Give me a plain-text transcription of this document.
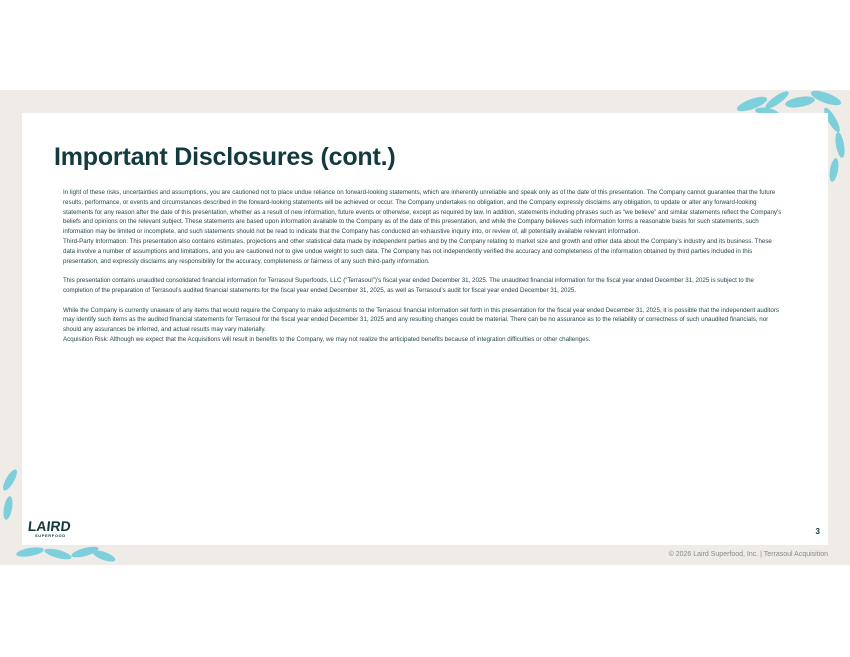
Important Disclosures (cont.)

In light of these risks, uncertainties and assumptions, you are cautioned not to place undue reliance on forward-looking statements, which are inherently unreliable and speak only as of the date of this presentation. The Company cannot guarantee that the future results, performance, or events and circumstances described in the forward-looking statements will be achieved or occur. The Company undertakes no obligation, and the Company expressly disclaims any obligation, to update or alter any forward-looking statements for any reason after the date of this presentation, whether as a result of new information, future events or otherwise, except as required by law. In addition, statements including phrases such as “we believe” and similar statements reflect the Company’s beliefs and opinions on the relevant subject. These statements are based upon information available to the Company as of the date of this presentation, and while the Company believes such information forms a reasonable basis for such statements, such information may be limited or incomplete, and such statements should not be read to indicate that the Company has conducted an exhaustive inquiry into, or review of, all potentially available relevant information.

Third-Party Information: This presentation also contains estimates, projections and other statistical data made by independent parties and by the Company relating to market size and growth and other data about the Company’s industry and its business. These data involve a number of assumptions and limitations, and you are cautioned not to give undue weight to such data. The Company has not independently verified the accuracy and completeness of the information obtained by third parties included in this presentation, and expressly disclaims any responsibility for the accuracy, completeness or fairness of any such third-party information.

This presentation contains unaudited consolidated financial information for Terrasoul Superfoods, LLC (“Terrasoul”)’s fiscal year ended December 31, 2025. The unaudited financial information for the fiscal year ended December 31, 2025 is subject to the completion of the preparation of Terrasoul’s audited financial statements for the fiscal year ended December 31, 2025, as well as Terrasoul’s audit for fiscal year ended December 31, 2025.

While the Company is currently unaware of any items that would require the Company to make adjustments to the Terrasoul financial information set forth in this presentation for the fiscal year ended December 31, 2025, it is possible that the independent auditors may identify such items as the audited financial statements for Terrasoul for the fiscal year ended December 31, 2025 and any resulting changes could be material. There can be no assurance as to the reliability or correctness of such unaudited financials, nor should any assurances be inferred, and actual results may vary materially.

Acquisition Risk: Although we expect that the Acquisitions will result in benefits to the Company, we may not realize the anticipated benefits because of integration difficulties or other challenges.

3
LAIRD
SUPERFOOD
© 2026 Laird Superfood, Inc. | Terrasoul Acquisition
